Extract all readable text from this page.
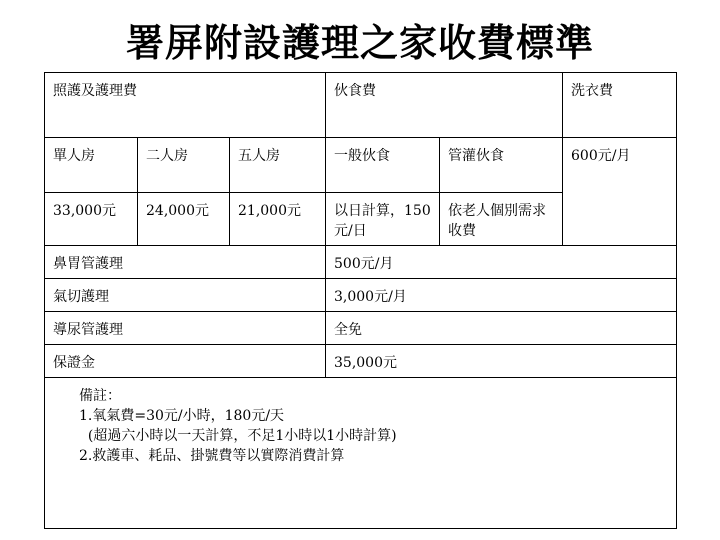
署屏附設護理之家收費標準
照護及護理費			伙食費		洗衣費
單人房	二人房	五人房	一般伙食	管灌伙食	600元/月
33,000元	24,000元	21,000元	以日計算，150元/日	依老人個別需求收費	
鼻胃管護理			500元/月		
氣切護理			3,000元/月		
導尿管護理			全免		
保證金			35,000元		

備註：
1.氧氣費=30元/小時，180元/天
(超過六小時以一天計算，不足1小時以1小時計算)
2.救護車、耗品、掛號費等以實際消費計算					
